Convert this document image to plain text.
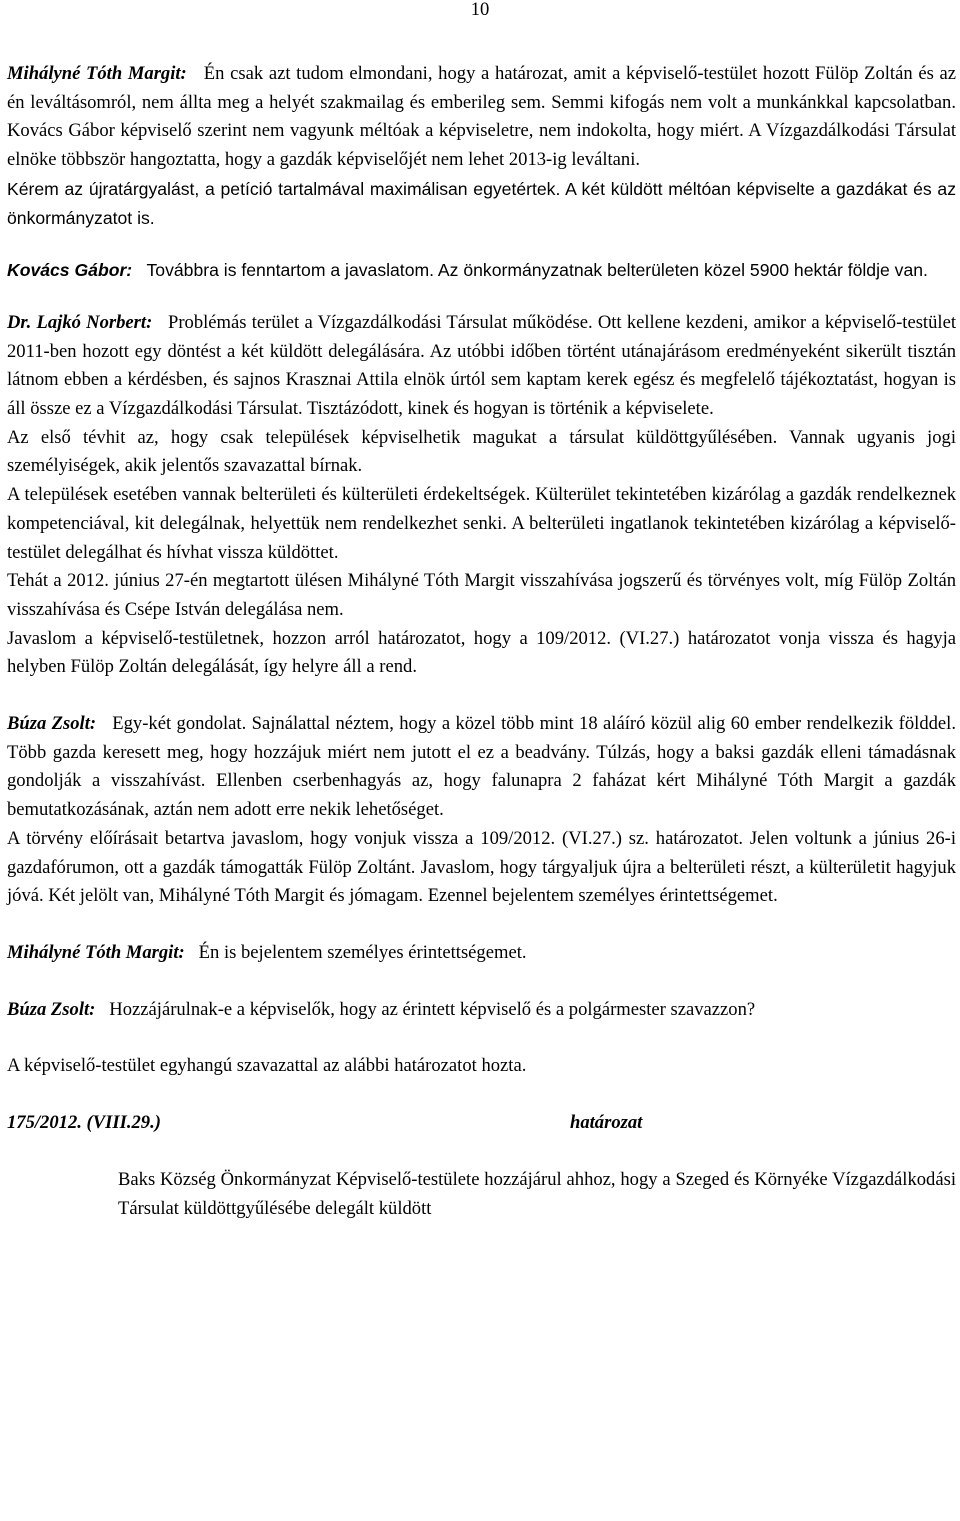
10

Mihályné Tóth Margit: Én csak azt tudom elmondani, hogy a határozat, amit a képviselő-testület hozott Fülöp Zoltán és az én leváltásomról, nem állta meg a helyét szakmailag és emberileg sem. Semmi kifogás nem volt a munkánkkal kapcsolatban. Kovács Gábor képviselő szerint nem vagyunk méltóak a képviseletre, nem indokolta, hogy miért. A Vízgazdálkodási Társulat elnöke többször hangoztatta, hogy a gazdák képviselőjét nem lehet 2013-ig leváltani.

Kérem az újratárgyalást, a petíció tartalmával maximálisan egyetértek. A két küldött méltóan képviselte a gazdákat és az önkormányzatot is.

Kovács Gábor: Továbbra is fenntartom a javaslatom. Az önkormányzatnak belterületen közel 5900 hektár földje van.

Dr. Lajkó Norbert: Problémás terület a Vízgazdálkodási Társulat működése. Ott kellene kezdeni, amikor a képviselő-testület 2011-ben hozott egy döntést a két küldött delegálására. Az utóbbi időben történt utánajárásom eredményeként sikerült tisztán látnom ebben a kérdésben, és sajnos Krasznai Attila elnök úrtól sem kaptam kerek egész és megfelelő tájékoztatást, hogyan is áll össze ez a Vízgazdálkodási Társulat. Tisztázódott, kinek és hogyan is történik a képviselete.

Az első tévhit az, hogy csak települések képviselhetik magukat a társulat küldöttgyűlésében. Vannak ugyanis jogi személyiségek, akik jelentős szavazattal bírnak.

A települések esetében vannak belterületi és külterületi érdekeltségek. Külterület tekintetében kizárólag a gazdák rendelkeznek kompetenciával, kit delegálnak, helyettük nem rendelkezhet senki. A belterületi ingatlanok tekintetében kizárólag a képviselő-testület delegálhat és hívhat vissza küldöttet.

Tehát a 2012. június 27-én megtartott ülésen Mihályné Tóth Margit visszahívása jogszerű és törvényes volt, míg Fülöp Zoltán visszahívása és Csépe István delegálása nem.

Javaslom a képviselő-testületnek, hozzon arról határozatot, hogy a 109/2012. (VI.27.) határozatot vonja vissza és hagyja helyben Fülöp Zoltán delegálását, így helyre áll a rend.

Búza Zsolt: Egy-két gondolat. Sajnálattal néztem, hogy a közel több mint 18 aláíró közül alig 60 ember rendelkezik földdel. Több gazda keresett meg, hogy hozzájuk miért nem jutott el ez a beadvány. Túlzás, hogy a baksi gazdák elleni támadásnak gondolják a visszahívást. Ellenben cserbenhagyás az, hogy falunapra 2 faházat kért Mihályné Tóth Margit a gazdák bemutatkozásának, aztán nem adott erre nekik lehetőséget.

A törvény előírásait betartva javaslom, hogy vonjuk vissza a 109/2012. (VI.27.) sz. határozatot. Jelen voltunk a június 26-i gazdafórumon, ott a gazdák támogatták Fülöp Zoltánt. Javaslom, hogy tárgyaljuk újra a belterületi részt, a külterületit hagyjuk jóvá. Két jelölt van, Mihályné Tóth Margit és jómagam. Ezennel bejelentem személyes érintettségemet.

Mihályné Tóth Margit: Én is bejelentem személyes érintettségemet.

Búza Zsolt: Hozzájárulnak-e a képviselők, hogy az érintett képviselő és a polgármester szavazzon?

A képviselő-testület egyhangú szavazattal az alábbi határozatot hozta.

175/2012. (VIII.29.)	határozat

Baks Község Önkormányzat Képviselő-testülete hozzájárul ahhoz, hogy a Szeged és Környéke Vízgazdálkodási Társulat küldöttgyűlésébe delegált küldött
